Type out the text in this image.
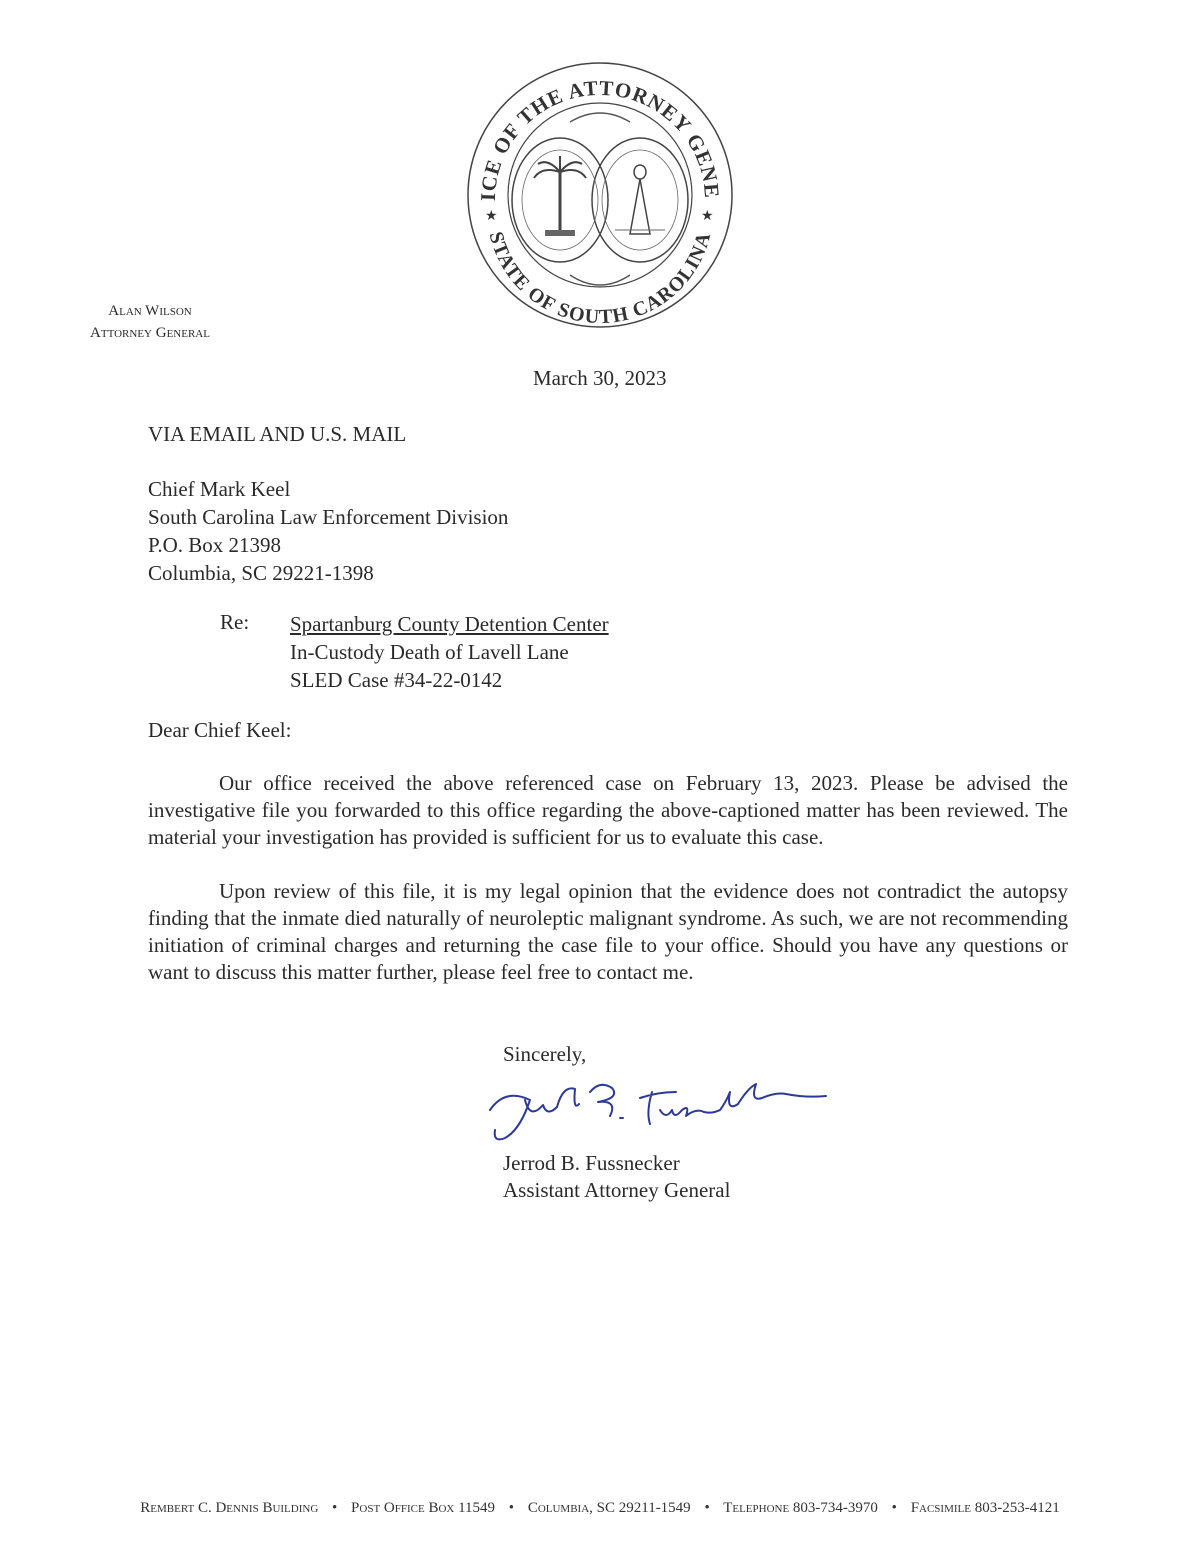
ICE OF THE ATTORNEY GENE
STATE OF SOUTH CAROLINA
★	★
Alan Wilson
Attorney General
March 30, 2023
VIA EMAIL AND U.S. MAIL
Chief Mark Keel
South Carolina Law Enforcement Division
P.O. Box 21398
Columbia, SC 29221-1398
Re: Spartanburg County Detention Center
In-Custody Death of Lavell Lane
SLED Case #34-22-0142
Dear Chief Keel:

Our office received the above referenced case on February 13, 2023. Please be advised the investigative file you forwarded to this office regarding the above-captioned matter has been reviewed. The material your investigation has provided is sufficient for us to evaluate this case.

Upon review of this file, it is my legal opinion that the evidence does not contradict the autopsy finding that the inmate died naturally of neuroleptic malignant syndrome. As such, we are not recommending initiation of criminal charges and returning the case file to your office. Should you have any questions or want to discuss this matter further, please feel free to contact me.

Sincerely,
Jerrod B. Fussnecker
Assistant Attorney General
Rembert C. Dennis Building • Post Office Box 11549 • Columbia, SC 29211-1549 • Telephone 803-734-3970 • Facsimile 803-253-4121
